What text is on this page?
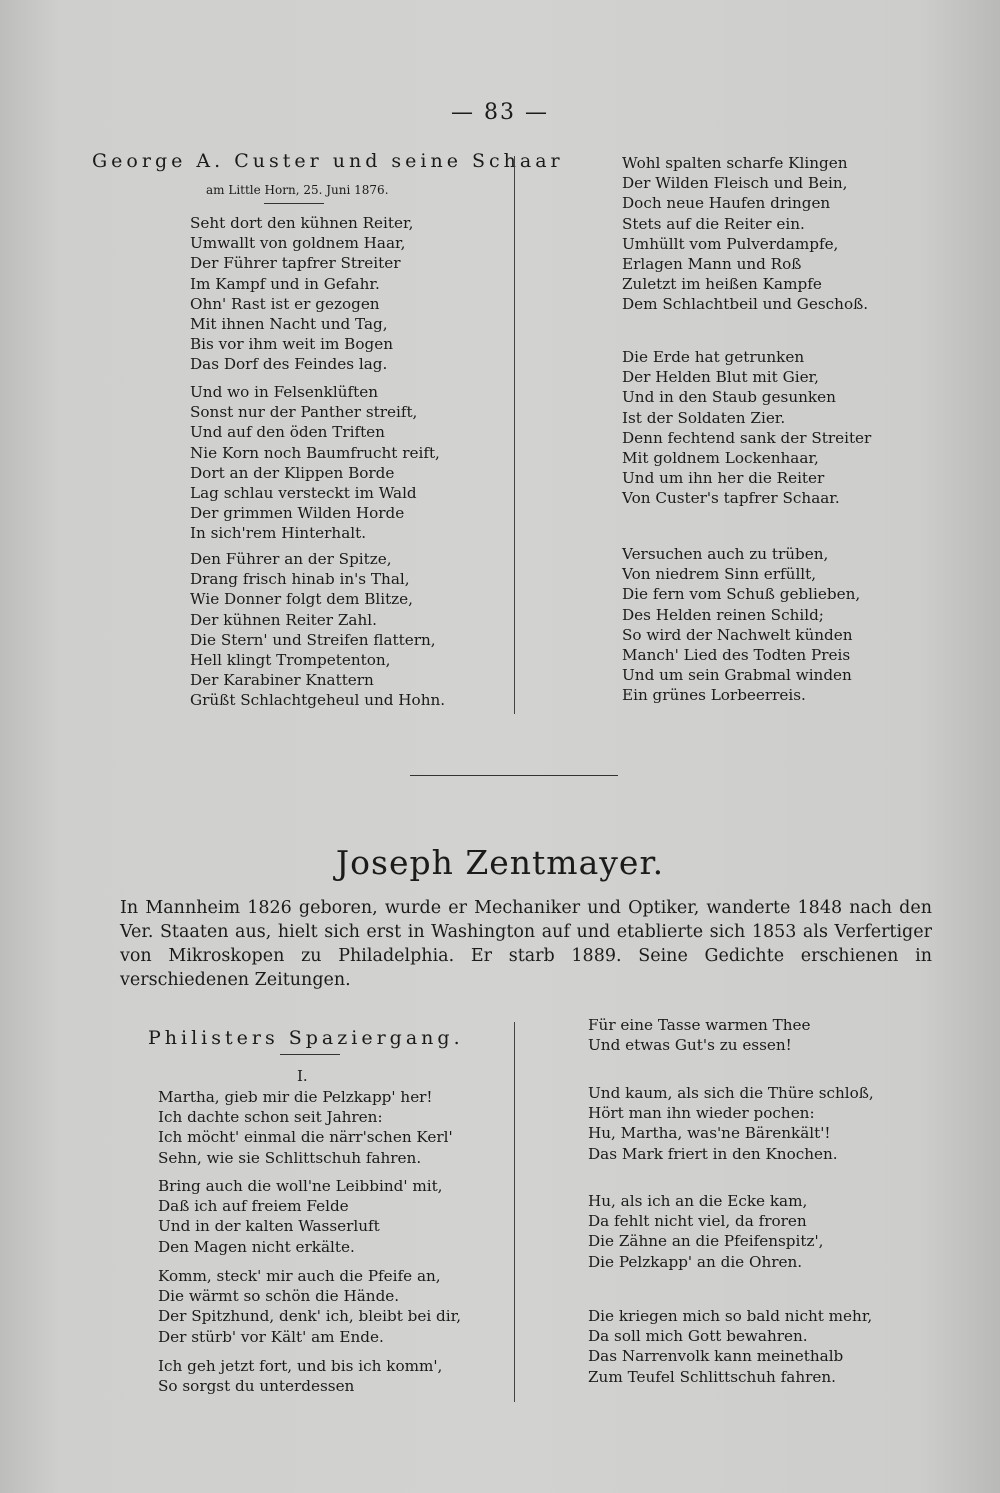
— 83 —
George A. Custer und seine Schaar
am Little Horn, 25. Juni 1876.
Seht dort den kühnen Reiter,
Umwallt von goldnem Haar,
Der Führer tapfrer Streiter
Im Kampf und in Gefahr.
Ohn' Rast ist er gezogen
Mit ihnen Nacht und Tag,
Bis vor ihm weit im Bogen
Das Dorf des Feindes lag.
Und wo in Felsenklüften
Sonst nur der Panther streift,
Und auf den öden Triften
Nie Korn noch Baumfrucht reift,
Dort an der Klippen Borde
Lag schlau versteckt im Wald
Der grimmen Wilden Horde
In sich'rem Hinterhalt.
Den Führer an der Spitze,
Drang frisch hinab in's Thal,
Wie Donner folgt dem Blitze,
Der kühnen Reiter Zahl.
Die Stern' und Streifen flattern,
Hell klingt Trompetenton,
Der Karabiner Knattern
Grüßt Schlachtgeheul und Hohn.
Wohl spalten scharfe Klingen
Der Wilden Fleisch und Bein,
Doch neue Haufen dringen
Stets auf die Reiter ein.
Umhüllt vom Pulverdampfe,
Erlagen Mann und Roß
Zuletzt im heißen Kampfe
Dem Schlachtbeil und Geschoß.
Die Erde hat getrunken
Der Helden Blut mit Gier,
Und in den Staub gesunken
Ist der Soldaten Zier.
Denn fechtend sank der Streiter
Mit goldnem Lockenhaar,
Und um ihn her die Reiter
Von Custer's tapfrer Schaar.
Versuchen auch zu trüben,
Von niedrem Sinn erfüllt,
Die fern vom Schuß geblieben,
Des Helden reinen Schild;
So wird der Nachwelt künden
Manch' Lied des Todten Preis
Und um sein Grabmal winden
Ein grünes Lorbeerreis.
Joseph Zentmayer.
In Mannheim 1826 geboren, wurde er Mechaniker und Optiker, wanderte 1848 nach den Ver. Staaten aus, hielt sich erst in Washington auf und etablierte sich 1853 als Verfertiger von Mikroskopen zu Philadelphia. Er starb 1889. Seine Gedichte erschienen in verschiedenen Zeitungen.
Philisters Spaziergang.
I.
Martha, gieb mir die Pelzkapp' her!
Ich dachte schon seit Jahren:
Ich möcht' einmal die närr'schen Kerl'
Sehn, wie sie Schlittschuh fahren.
Bring auch die woll'ne Leibbind' mit,
Daß ich auf freiem Felde
Und in der kalten Wasserluft
Den Magen nicht erkälte.
Komm, steck' mir auch die Pfeife an,
Die wärmt so schön die Hände.
Der Spitzhund, denk' ich, bleibt bei dir,
Der stürb' vor Kält' am Ende.
Ich geh jetzt fort, und bis ich komm',
So sorgst du unterdessen
Für eine Tasse warmen Thee
Und etwas Gut's zu essen!
Und kaum, als sich die Thüre schloß,
Hört man ihn wieder pochen:
Hu, Martha, was'ne Bärenkält'!
Das Mark friert in den Knochen.
Hu, als ich an die Ecke kam,
Da fehlt nicht viel, da froren
Die Zähne an die Pfeifenspitz',
Die Pelzkapp' an die Ohren.
Die kriegen mich so bald nicht mehr,
Da soll mich Gott bewahren.
Das Narrenvolk kann meinethalb
Zum Teufel Schlittschuh fahren.
